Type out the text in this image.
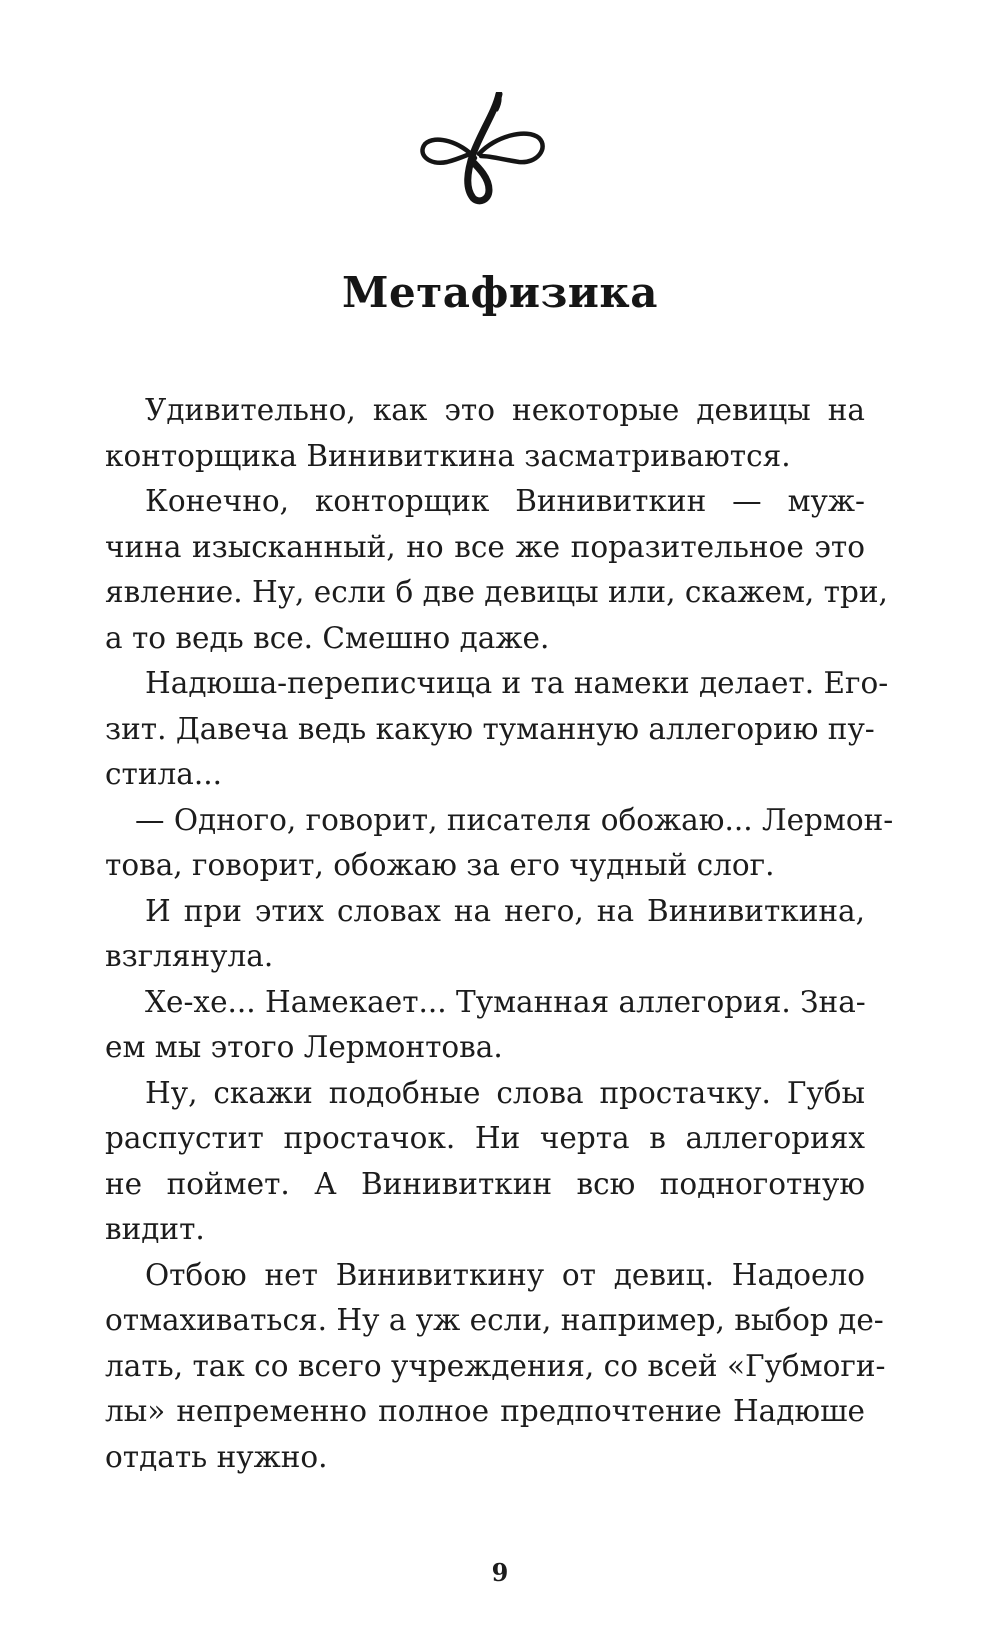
Метафизика
Удивительно, как это некоторые девицы на
конторщика Винивиткина засматриваются.
Конечно, конторщик Винивиткин — муж-
чина изысканный, но все же поразительное это
явление. Ну, если б две девицы или, скажем, три,
а то ведь все. Смешно даже.
Надюша-переписчица и та намеки делает. Его-
зит. Давеча ведь какую туманную аллегорию пу-
стила...
— Одного, говорит, писателя обожаю... Лермон-
това, говорит, обожаю за его чудный слог.
И при этих словах на него, на Винивиткина,
взглянула.
Хе-хе... Намекает... Туманная аллегория. Зна-
ем мы этого Лермонтова.
Ну, скажи подобные слова простачку. Губы
распустит простачок. Ни черта в аллегориях
не поймет. А Винивиткин всю подноготную
видит.
Отбою нет Винивиткину от девиц. Надоело
отмахиваться. Ну а уж если, например, выбор де-
лать, так со всего учреждения, со всей «Губмоги-
лы» непременно полное предпочтение Надюше
отдать нужно.
9
